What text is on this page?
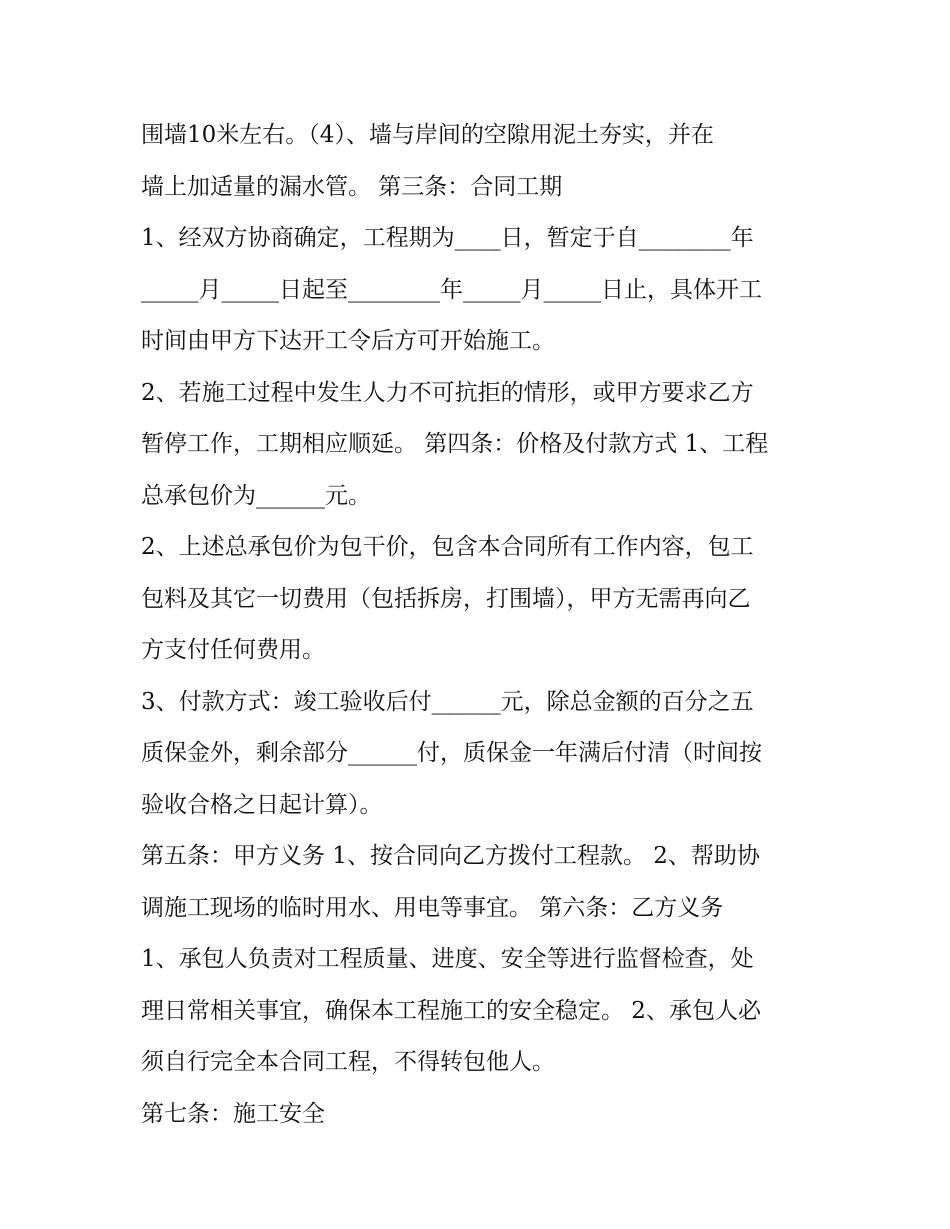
围墙10米左右。（4）、墙与岸间的空隙用泥土夯实，并在
墙上加适量的漏水管。 第三条：合同工期
1、经双方协商确定，工程期为____日，暂定于自________年
_____月_____日起至________年_____月_____日止，具体开工
时间由甲方下达开工令后方可开始施工。
2、若施工过程中发生人力不可抗拒的情形，或甲方要求乙方
暂停工作，工期相应顺延。 第四条：价格及付款方式 1、工程
总承包价为______元。
2、上述总承包价为包干价，包含本合同所有工作内容，包工
包料及其它一切费用（包括拆房，打围墙），甲方无需再向乙
方支付任何费用。
3、付款方式：竣工验收后付______元，除总金额的百分之五
质保金外，剩余部分______付，质保金一年满后付清（时间按
验收合格之日起计算）。
第五条：甲方义务 1、按合同向乙方拨付工程款。 2、帮助协
调施工现场的临时用水、用电等事宜。 第六条：乙方义务
1、承包人负责对工程质量、进度、安全等进行监督检查，处
理日常相关事宜，确保本工程施工的安全稳定。 2、承包人必
须自行完全本合同工程，不得转包他人。
第七条：施工安全
